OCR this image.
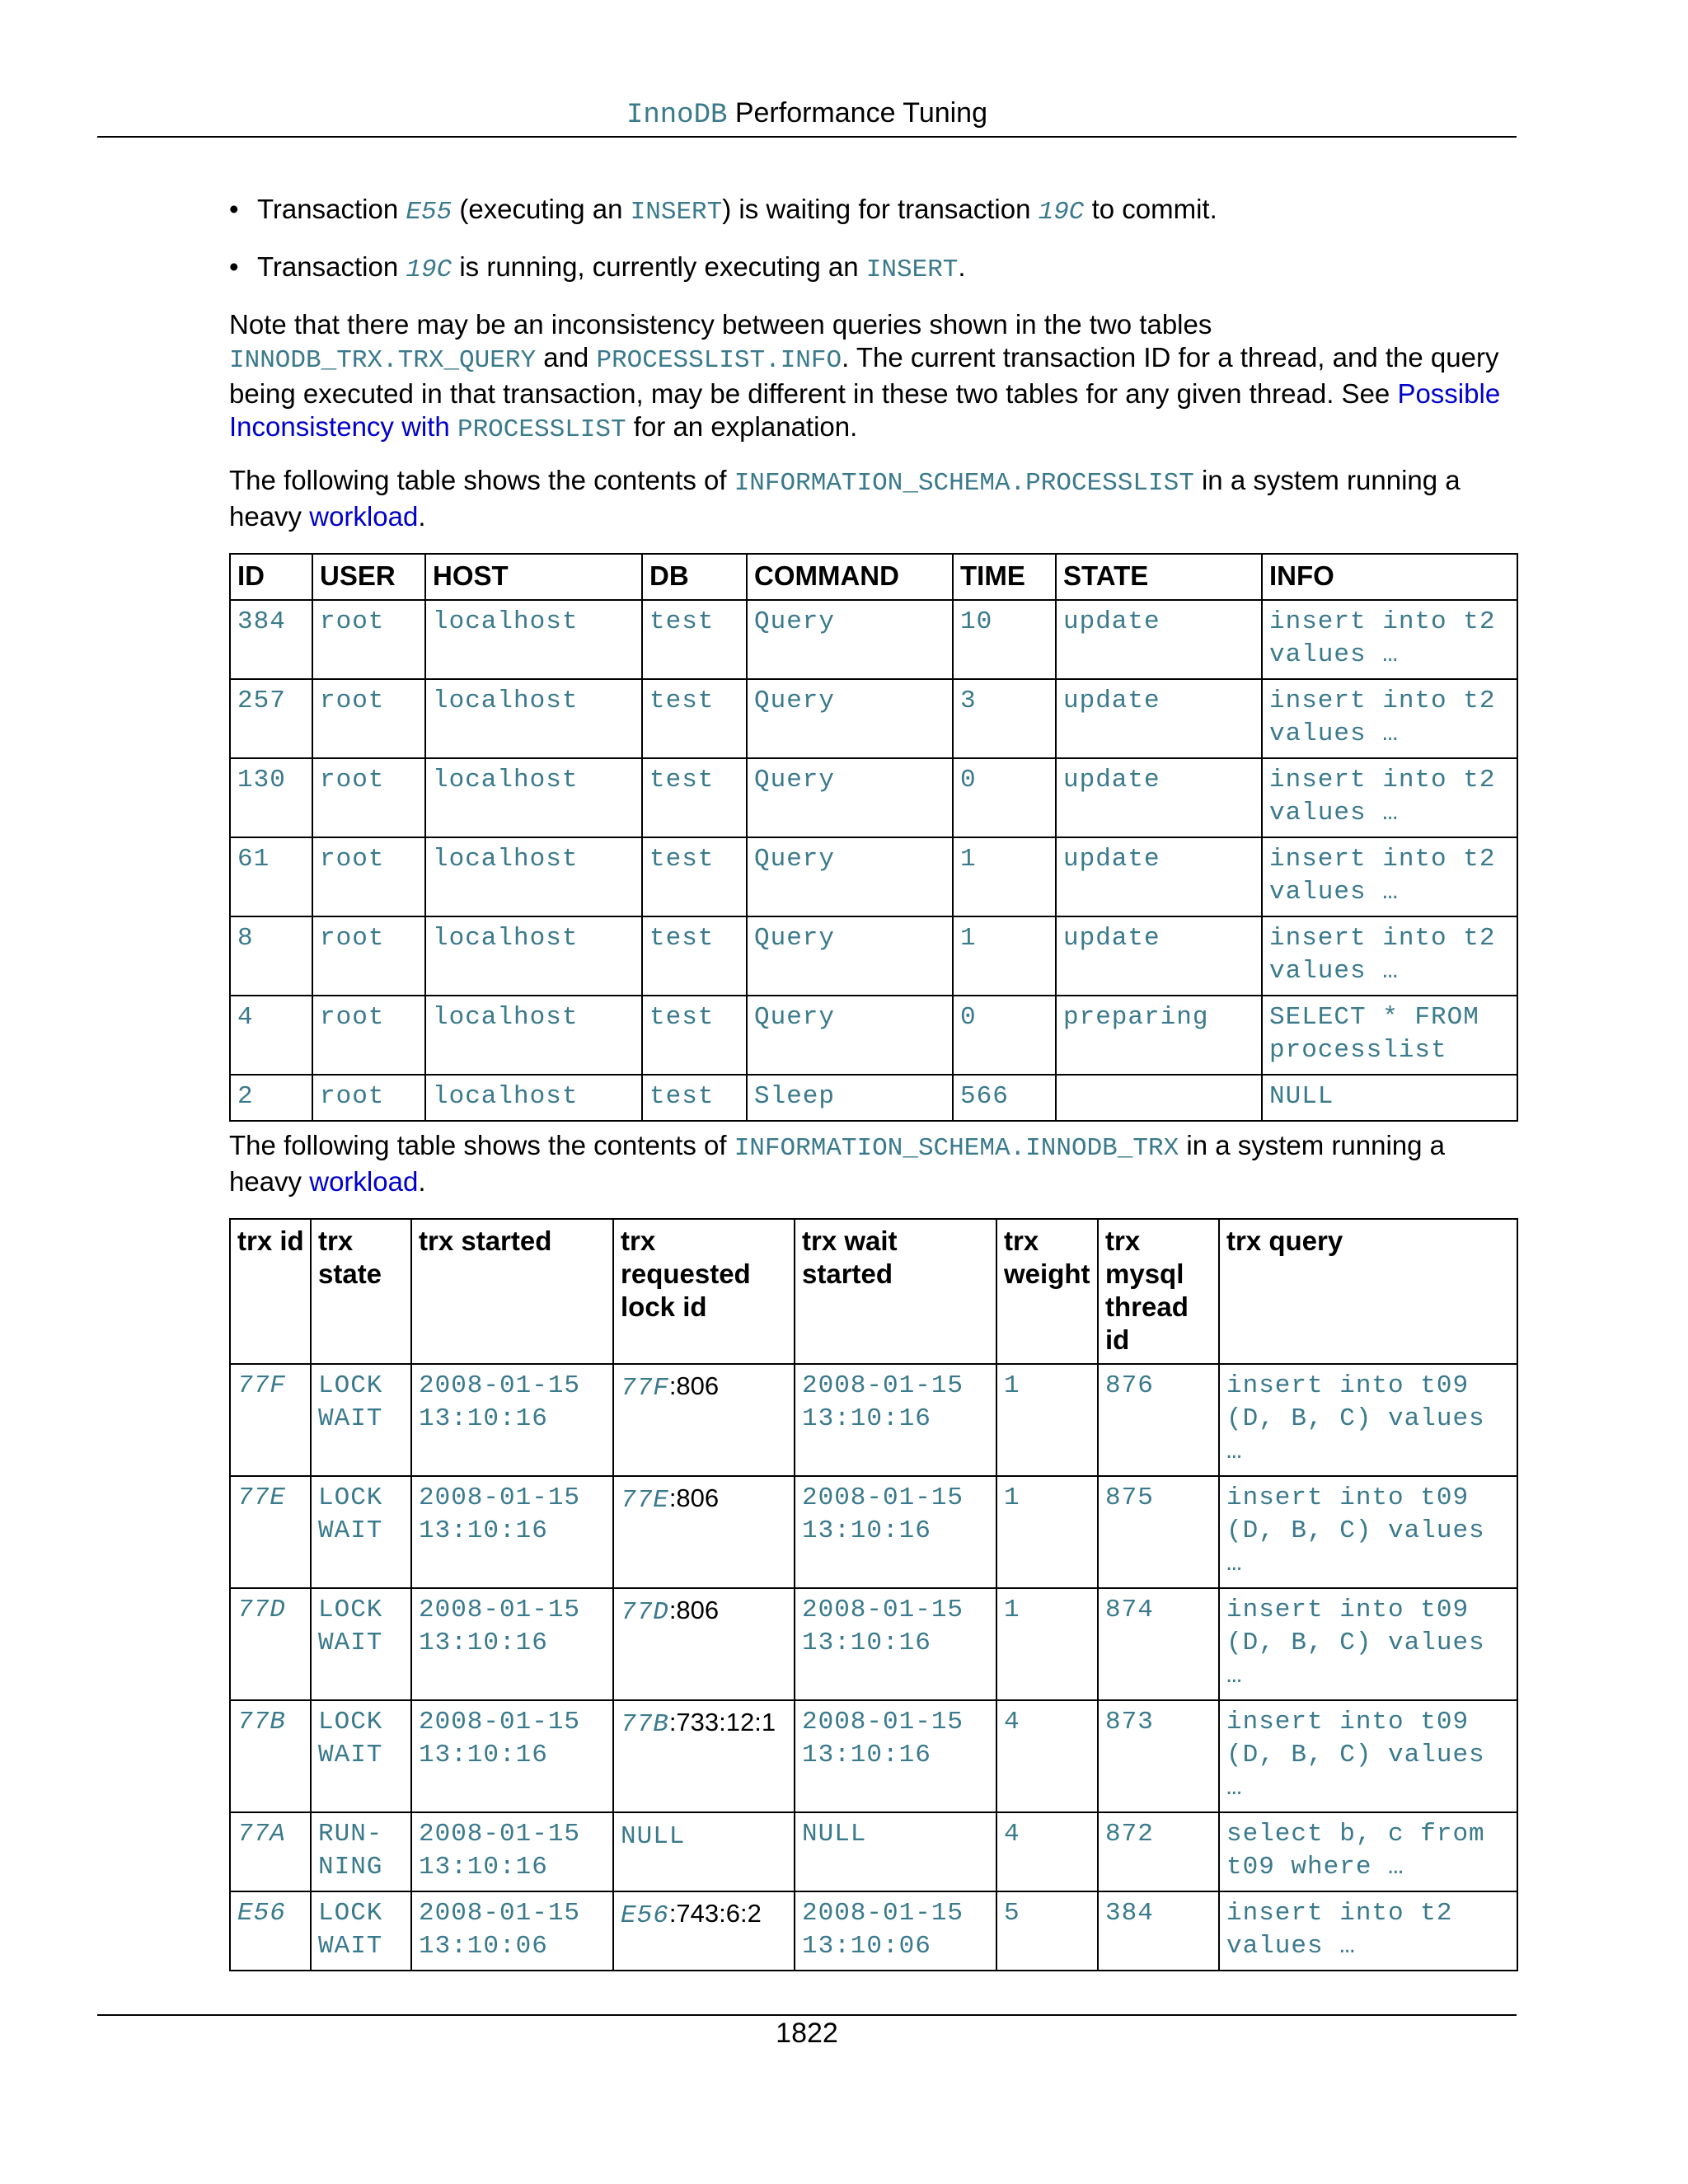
InnoDB Performance Tuning
• Transaction E55 (executing an INSERT) is waiting for transaction 19C to commit.
• Transaction 19C is running, currently executing an INSERT.
Note that there may be an inconsistency between queries shown in the two tables INNODB_TRX.TRX_QUERY and PROCESSLIST.INFO. The current transaction ID for a thread, and the query being executed in that transaction, may be different in these two tables for any given thread. See Possible Inconsistency with PROCESSLIST for an explanation.
The following table shows the contents of INFORMATION_SCHEMA.PROCESSLIST in a system running a heavy workload.
ID	USER	HOST	DB	COMMAND	TIME	STATE	INFO
384	root	localhost	test	Query	10	update	insert into t2 values …
257	root	localhost	test	Query	3	update	insert into t2 values …
130	root	localhost	test	Query	0	update	insert into t2 values …
61	root	localhost	test	Query	1	update	insert into t2 values …
8	root	localhost	test	Query	1	update	insert into t2 values …
4	root	localhost	test	Query	0	preparing	SELECT * FROM processlist
2	root	localhost	test	Sleep	566		NULL
The following table shows the contents of INFORMATION_SCHEMA.INNODB_TRX in a system running a heavy workload.
trx id	trx state	trx started	trx requested lock id	trx wait started	trx weight	trx mysql thread id	trx query
77F	LOCK WAIT	2008-01-15 13:10:16	77F:806	2008-01-15 13:10:16	1	876	insert into t09 (D, B, C) values …
77E	LOCK WAIT	2008-01-15 13:10:16	77E:806	2008-01-15 13:10:16	1	875	insert into t09 (D, B, C) values …
77D	LOCK WAIT	2008-01-15 13:10:16	77D:806	2008-01-15 13:10:16	1	874	insert into t09 (D, B, C) values …
77B	LOCK WAIT	2008-01-15 13:10:16	77B:733:12:1	2008-01-15 13:10:16	4	873	insert into t09 (D, B, C) values …
77A	RUN- NING	2008-01-15 13:10:16	NULL	NULL	4	872	select b, c from t09 where …
E56	LOCK WAIT	2008-01-15 13:10:06	E56:743:6:2	2008-01-15 13:10:06	5	384	insert into t2 values …
1822
